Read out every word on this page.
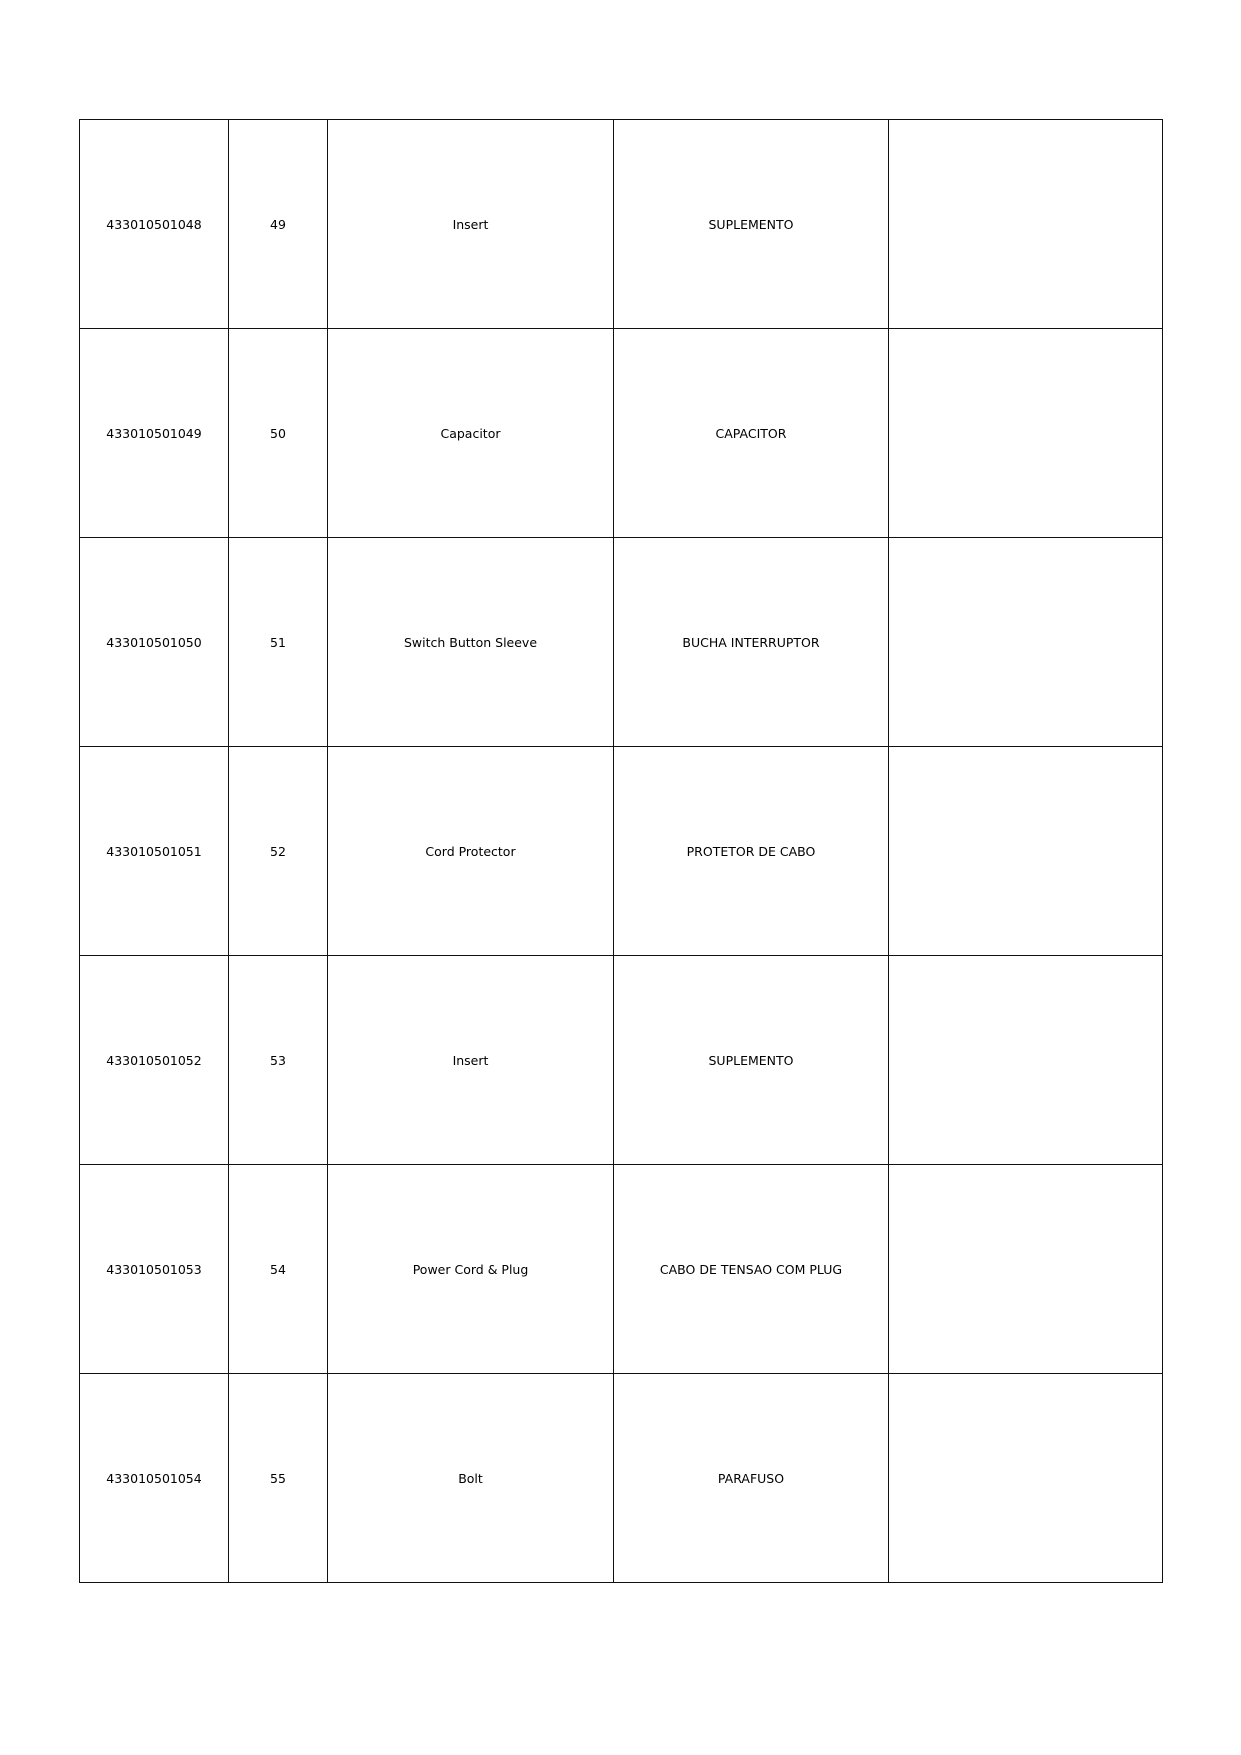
433010501048	49	Insert	SUPLEMENTO	
433010501049	50	Capacitor	CAPACITOR	
433010501050	51	Switch Button Sleeve	BUCHA INTERRUPTOR	
433010501051	52	Cord Protector	PROTETOR DE CABO	
433010501052	53	Insert	SUPLEMENTO	
433010501053	54	Power Cord & Plug	CABO DE TENSAO COM PLUG	
433010501054	55	Bolt	PARAFUSO	
